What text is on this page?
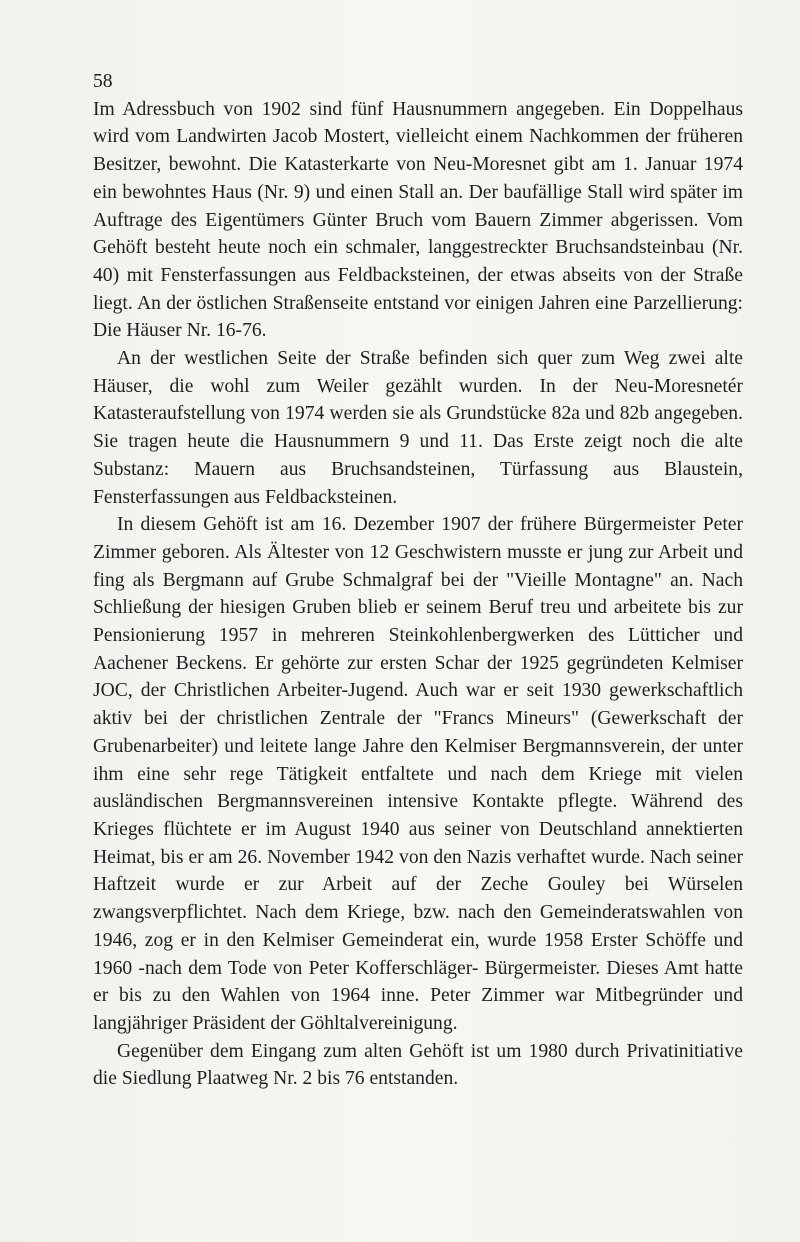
58

Im Adressbuch von 1902 sind fünf Hausnummern angegeben. Ein Doppelhaus wird vom Landwirten Jacob Mostert, vielleicht einem Nachkommen der früheren Besitzer, bewohnt. Die Katasterkarte von Neu-Moresnet gibt am 1. Januar 1974 ein bewohntes Haus (Nr. 9) und einen Stall an. Der baufällige Stall wird später im Auftrage des Eigentümers Günter Bruch vom Bauern Zimmer abgerissen. Vom Gehöft besteht heute noch ein schmaler, langgestreckter Bruchsandsteinbau (Nr. 40) mit Fensterfassungen aus Feldbacksteinen, der etwas abseits von der Straße liegt. An der östlichen Straßenseite entstand vor einigen Jahren eine Parzellierung: Die Häuser Nr. 16-76.

An der westlichen Seite der Straße befinden sich quer zum Weg zwei alte Häuser, die wohl zum Weiler gezählt wurden. In der Neu-Moresnetér Katasteraufstellung von 1974 werden sie als Grundstücke 82a und 82b angegeben. Sie tragen heute die Hausnummern 9 und 11. Das Erste zeigt noch die alte Substanz: Mauern aus Bruchsandsteinen, Türfassung aus Blaustein, Fensterfassungen aus Feldbacksteinen.

In diesem Gehöft ist am 16. Dezember 1907 der frühere Bürgermeister Peter Zimmer geboren. Als Ältester von 12 Geschwistern musste er jung zur Arbeit und fing als Bergmann auf Grube Schmalgraf bei der "Vieille Montagne" an. Nach Schließung der hiesigen Gruben blieb er seinem Beruf treu und arbeitete bis zur Pensionierung 1957 in mehreren Steinkohlenbergwerken des Lütticher und Aachener Beckens. Er gehörte zur ersten Schar der 1925 gegründeten Kelmiser JOC, der Christlichen Arbeiter-Jugend. Auch war er seit 1930 gewerkschaftlich aktiv bei der christlichen Zentrale der "Francs Mineurs" (Gewerkschaft der Grubenarbeiter) und leitete lange Jahre den Kelmiser Bergmannsverein, der unter ihm eine sehr rege Tätigkeit entfaltete und nach dem Kriege mit vielen ausländischen Bergmannsvereinen intensive Kontakte pflegte. Während des Krieges flüchtete er im August 1940 aus seiner von Deutschland annektierten Heimat, bis er am 26. November 1942 von den Nazis verhaftet wurde. Nach seiner Haftzeit wurde er zur Arbeit auf der Zeche Gouley bei Würselen zwangsverpflichtet. Nach dem Kriege, bzw. nach den Gemeinderatswahlen von 1946, zog er in den Kelmiser Gemeinderat ein, wurde 1958 Erster Schöffe und 1960 -nach dem Tode von Peter Kofferschläger- Bürgermeister. Dieses Amt hatte er bis zu den Wahlen von 1964 inne. Peter Zimmer war Mitbegründer und langjähriger Präsident der Göhltalvereinigung.

Gegenüber dem Eingang zum alten Gehöft ist um 1980 durch Privatinitiative die Siedlung Plaatweg Nr. 2 bis 76 entstanden.
